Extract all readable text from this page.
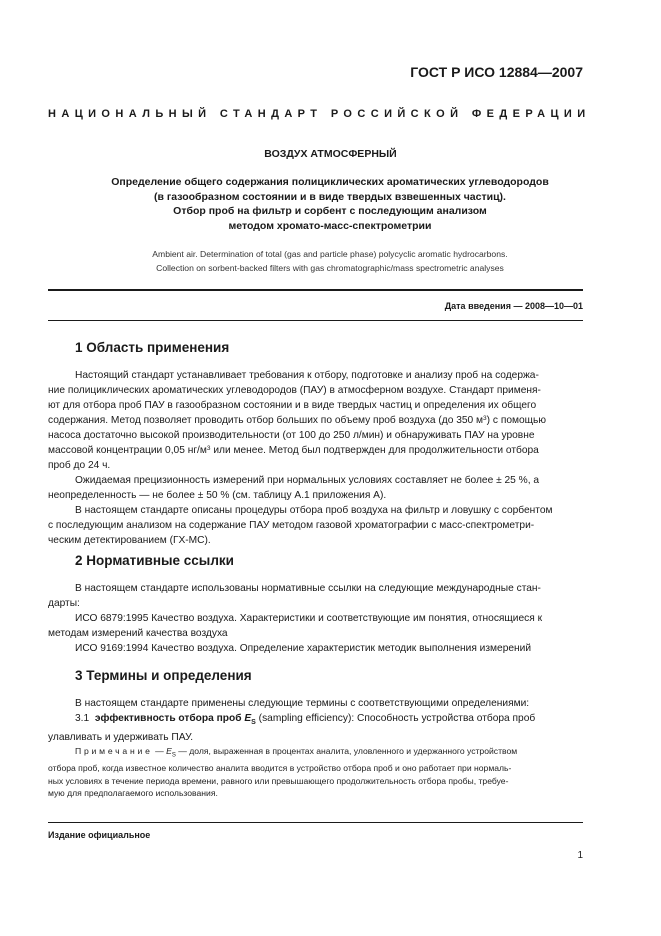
ГОСТ Р ИСО 12884—2007
НАЦИОНАЛЬНЫЙ СТАНДАРТ РОССИЙСКОЙ ФЕДЕРАЦИИ
ВОЗДУХ АТМОСФЕРНЫЙ
Определение общего содержания полициклических ароматических углеводородов
(в газообразном состоянии и в виде твердых взвешенных частиц).
Отбор проб на фильтр и сорбент с последующим анализом
методом хромато-масс-спектрометрии
Ambient air. Determination of total (gas and particle phase) polycyclic aromatic hydrocarbons.
Collection on sorbent-backed filters with gas chromatographic/mass spectrometric analyses
Дата введения — 2008—10—01
1 Область применения
Настоящий стандарт устанавливает требования к отбору, подготовке и анализу проб на содержа-
ние полициклических ароматических углеводородов (ПАУ) в атмосферном воздухе. Стандарт применя-
ют для отбора проб ПАУ в газообразном состоянии и в виде твердых частиц и определения их общего
содержания. Метод позволяет проводить отбор больших по объему проб воздуха (до 350 $м^3$) с помощью
насоса достаточно высокой производительности (от 100 до 250 л/мин) и обнаруживать ПАУ на уровне
массовой концентрации 0,05 $нг/м^3$ или менее. Метод был подтвержден для продолжительности отбора
проб до 24 ч.
Ожидаемая прецизионность измерений при нормальных условиях составляет не более ± 25 %, а
неопределенность — не более ± 50 % (см. таблицу А.1 приложения А).
В настоящем стандарте описаны процедуры отбора проб воздуха на фильтр и ловушку с сорбентом
с последующим анализом на содержание ПАУ методом газовой хроматографии с масс-спектрометри-
ческим детектированием (ГХ-МС).
2 Нормативные ссылки
В настоящем стандарте использованы нормативные ссылки на следующие международные стан-
дарты:
ИСО 6879:1995 Качество воздуха. Характеристики и соответствующие им понятия, относящиеся к
методам измерений качества воздуха
ИСО 9169:1994 Качество воздуха. Определение характеристик методик выполнения измерений
3 Термины и определения
В настоящем стандарте применены следующие термины с соответствующими определениями:
3.1 эффективность отбора проб $E_S$ (sampling efficiency): Способность устройства отбора проб
улавливать и удерживать ПАУ.
Примечание — $E_S$ — доля, выраженная в процентах аналита, уловленного и удержанного устройством
отбора проб, когда известное количество аналита вводится в устройство отбора проб и оно работает при нормаль-
ных условиях в течение периода времени, равного или превышающего продолжительность отбора пробы, требуе-
мую для предполагаемого использования.
Издание официальное
1
